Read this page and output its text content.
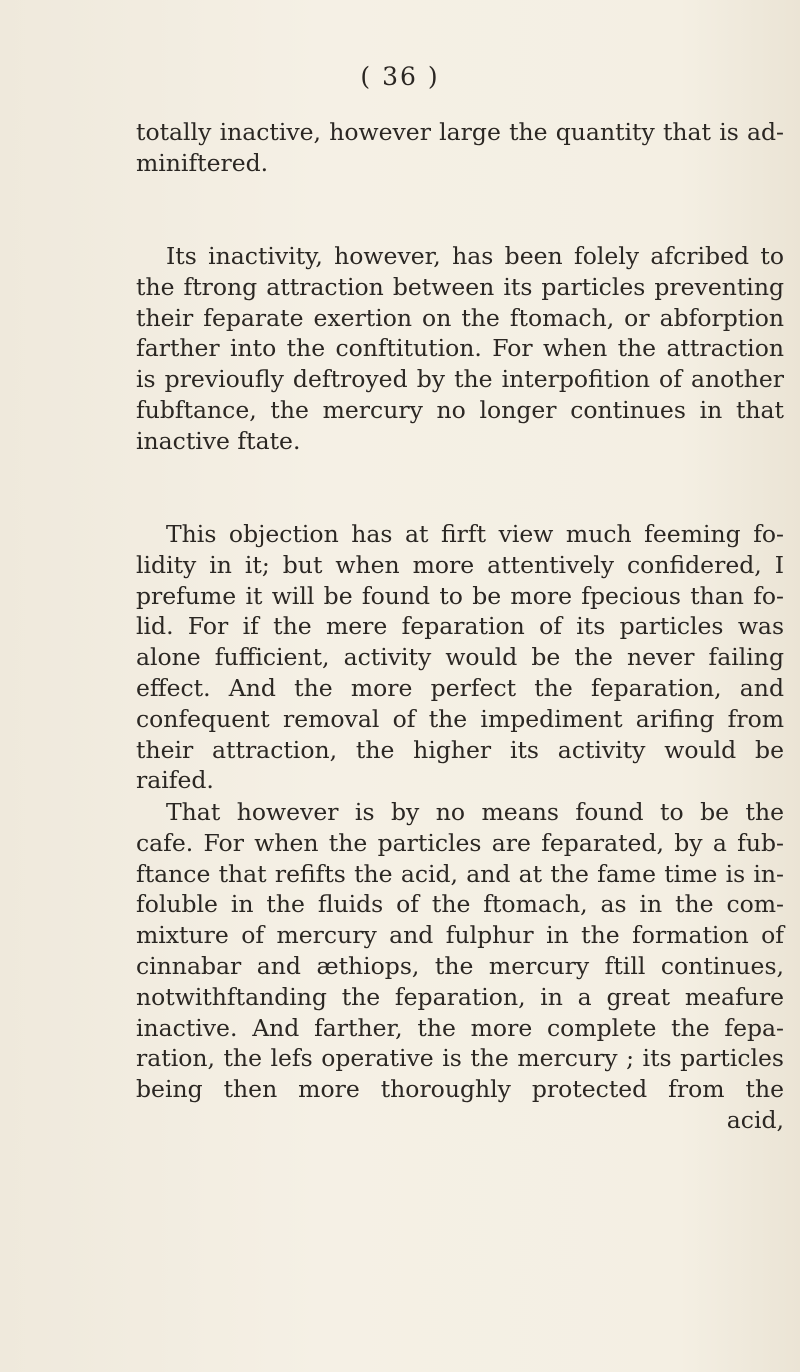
( 36 )
totally inactive, however large the quantity that is ad-
miniftered.
Its inactivity, however, has been folely afcribed to
the ftrong attraction between its particles preventing
their feparate exertion on the ftomach, or abforption
farther into the conftitution. For when the attraction
is previoufly deftroyed by the interpofition of another
fubftance, the mercury no longer continues in that
inactive ftate.
This objection has at firft view much feeming fo-
lidity in it; but when more attentively confidered, I
prefume it will be found to be more fpecious than fo-
lid. For if the mere feparation of its particles was
alone fufficient, activity would be the never failing
effect. And the more perfect the feparation, and
confequent removal of the impediment arifing from
their attraction, the higher its activity would be
raifed.
That however is by no means found to be the
cafe. For when the particles are feparated, by a fub-
ftance that refifts the acid, and at the fame time is in-
foluble in the fluids of the ftomach, as in the com-
mixture of mercury and fulphur in the formation of
cinnabar and æthiops, the mercury ftill continues,
notwithftanding the feparation, in a great meafure
inactive. And farther, the more complete the fepa-
ration, the lefs operative is the mercury ; its particles
being then more thoroughly protected from the
acid,
